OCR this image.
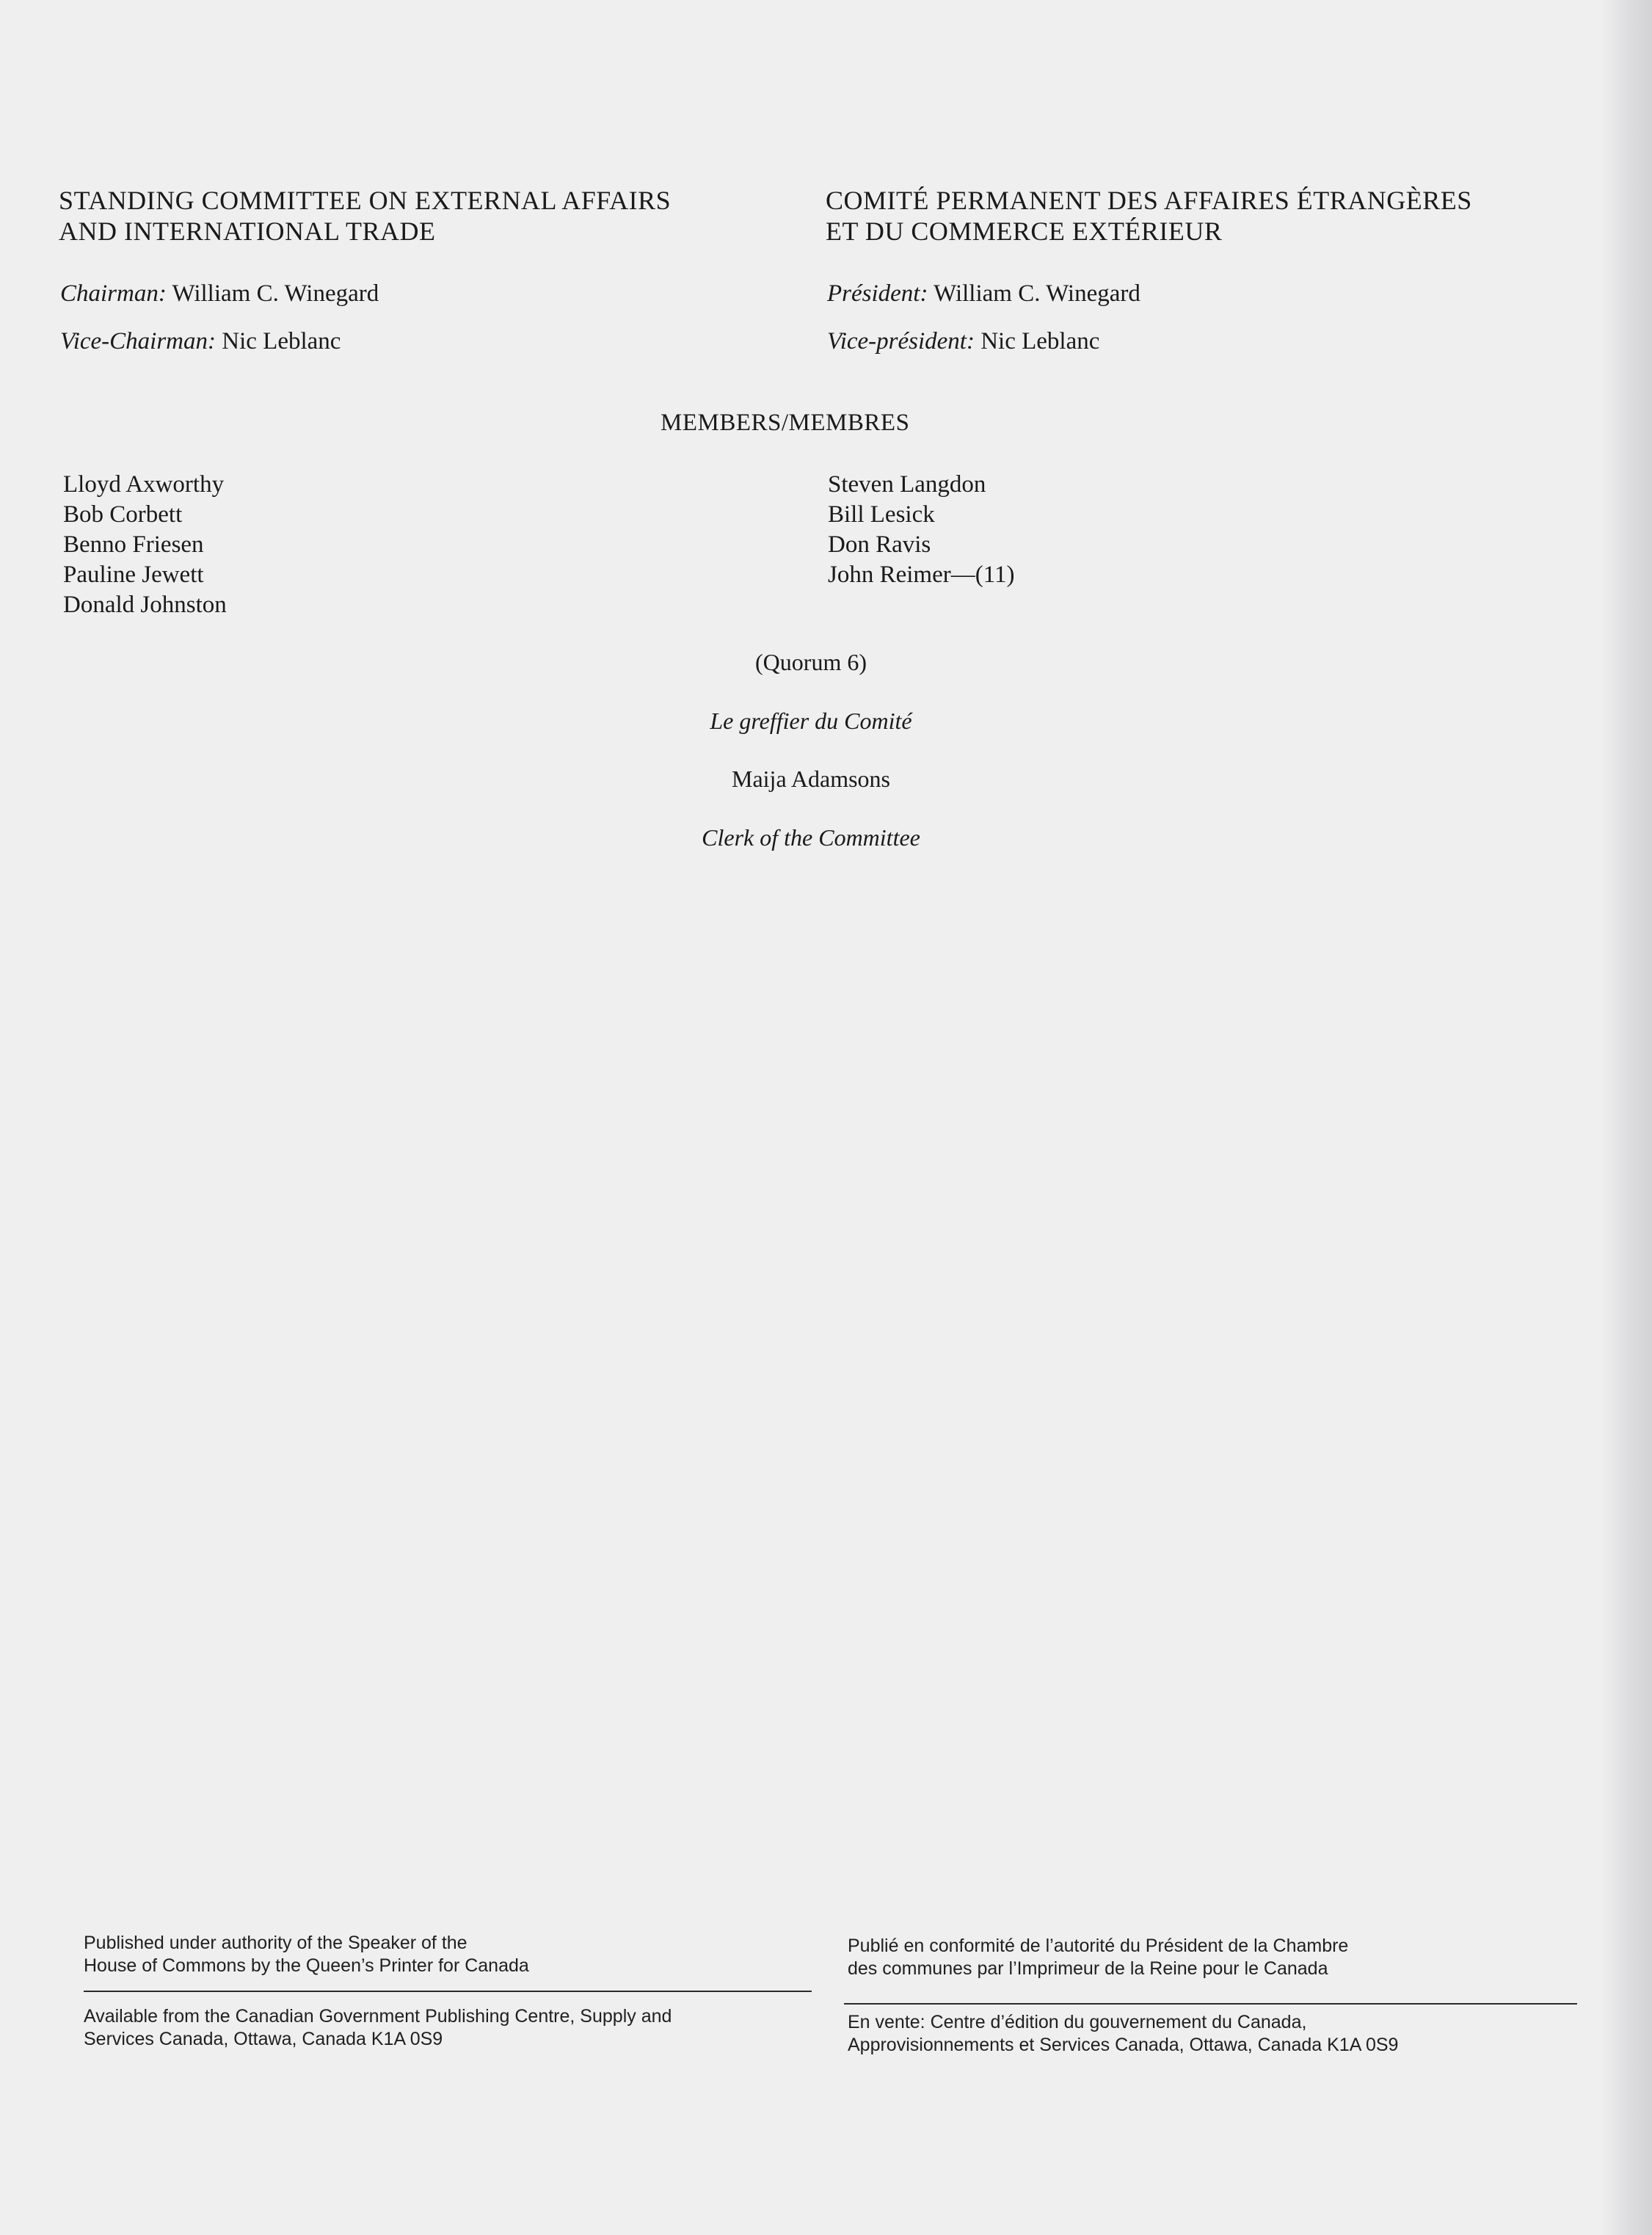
STANDING COMMITTEE ON EXTERNAL AFFAIRS
AND INTERNATIONAL TRADE
COMITÉ PERMANENT DES AFFAIRES ÉTRANGÈRES
ET DU COMMERCE EXTÉRIEUR
Chairman: William C. Winegard
Vice-Chairman: Nic Leblanc
Président: William C. Winegard
Vice-président: Nic Leblanc
MEMBERS/MEMBRES
Lloyd Axworthy
Bob Corbett
Benno Friesen
Pauline Jewett
Donald Johnston
Steven Langdon
Bill Lesick
Don Ravis
John Reimer—(11)
(Quorum 6)
Le greffier du Comité
Maija Adamsons
Clerk of the Committee
Published under authority of the Speaker of the
House of Commons by the Queen’s Printer for Canada
Available from the Canadian Government Publishing Centre, Supply and
Services Canada, Ottawa, Canada K1A 0S9
Publié en conformité de l’autorité du Président de la Chambre
des communes par l’Imprimeur de la Reine pour le Canada
En vente: Centre d’édition du gouvernement du Canada,
Approvisionnements et Services Canada, Ottawa, Canada K1A 0S9
